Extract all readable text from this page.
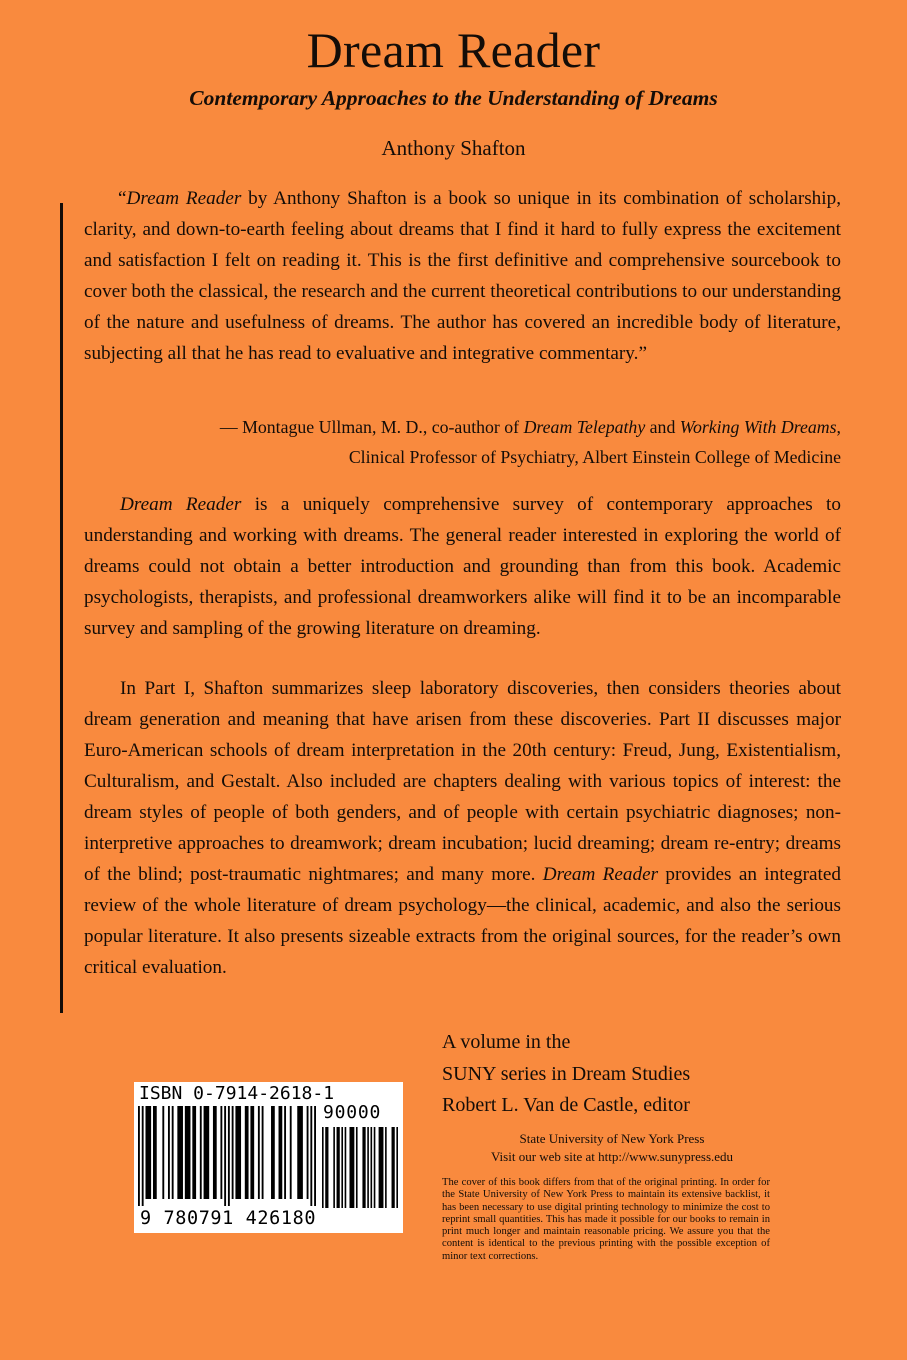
Dream Reader
Contemporary Approaches to the Understanding of Dreams
Anthony Shafton

“Dream Reader by Anthony Shafton is a book so unique in its combination of scholarship, clarity, and down-to-earth feeling about dreams that I find it hard to fully express the excitement and satisfaction I felt on reading it. This is the first definitive and comprehensive sourcebook to cover both the classical, the research and the current theoretical contributions to our understanding of the nature and usefulness of dreams. The author has covered an incredible body of literature, subjecting all that he has read to evaluative and integrative commentary.”

— Montague Ullman, M. D., co-author of Dream Telepathy and Working With Dreams,
Clinical Professor of Psychiatry, Albert Einstein College of Medicine

Dream Reader is a uniquely comprehensive survey of contemporary approaches to understanding and working with dreams. The general reader interested in exploring the world of dreams could not obtain a better introduction and grounding than from this book. Academic psychologists, therapists, and professional dreamworkers alike will find it to be an incomparable survey and sampling of the growing literature on dreaming.

In Part I, Shafton summarizes sleep laboratory discoveries, then considers theories about dream generation and meaning that have arisen from these discoveries. Part II discusses major Euro-American schools of dream interpretation in the 20th century: Freud, Jung, Existentialism, Culturalism, and Gestalt. Also included are chapters dealing with various topics of interest: the dream styles of people of both genders, and of people with certain psychiatric diagnoses; non-interpretive approaches to dreamwork; dream incubation; lucid dreaming; dream re-entry; dreams of the blind; post-traumatic nightmares; and many more. Dream Reader provides an integrated review of the whole literature of dream psychology—the clinical, academic, and also the serious popular literature. It also presents sizeable extracts from the original sources, for the reader’s own critical evaluation.

A volume in the
SUNY series in Dream Studies
Robert L. Van de Castle, editor
State University of New York Press
Visit our web site at http://www.sunypress.edu
The cover of this book differs from that of the original printing. In order for the State University of New York Press to maintain its extensive backlist, it has been necessary to use digital printing technology to minimize the cost to reprint small quantities. This has made it possible for our books to remain in print much longer and maintain reasonable pricing. We assure you that the content is identical to the previous printing with the possible exception of minor text corrections.
ISBN 0-7914-2618-1
90000
9 780791 426180
